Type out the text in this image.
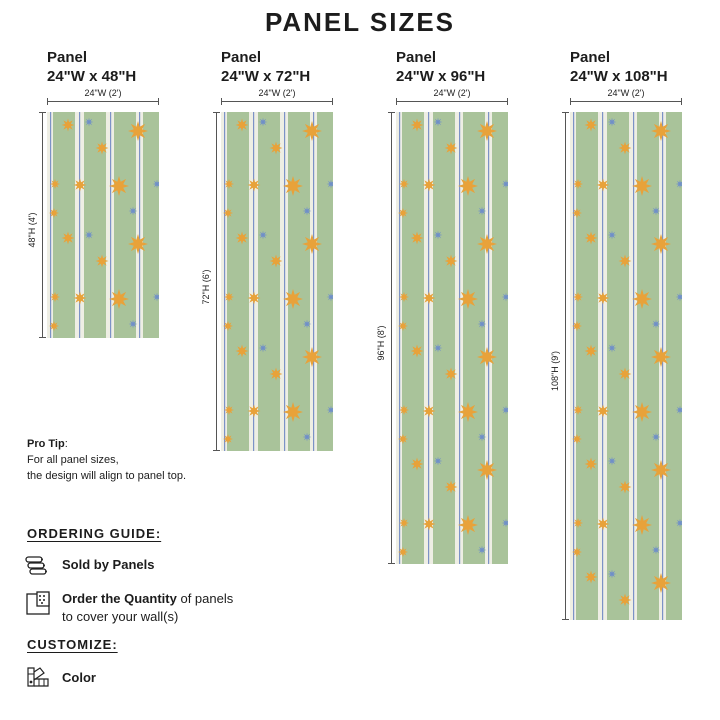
PANEL SIZES
Panel
24"W x 48"H
24"W (2')
48"H (4')
Panel
24"W x 72"H
24"W (2')
72"H (6')
Panel
24"W x 96"H
24"W (2')
96"H (8')
Panel
24"W x 108"H
24"W (2')
108"H (9')
Pro Tip:
For all panel sizes,
the design will align to panel top.
ORDERING GUIDE:
Sold by Panels
Order the Quantity of panels
to cover your wall(s)
CUSTOMIZE:
Color
